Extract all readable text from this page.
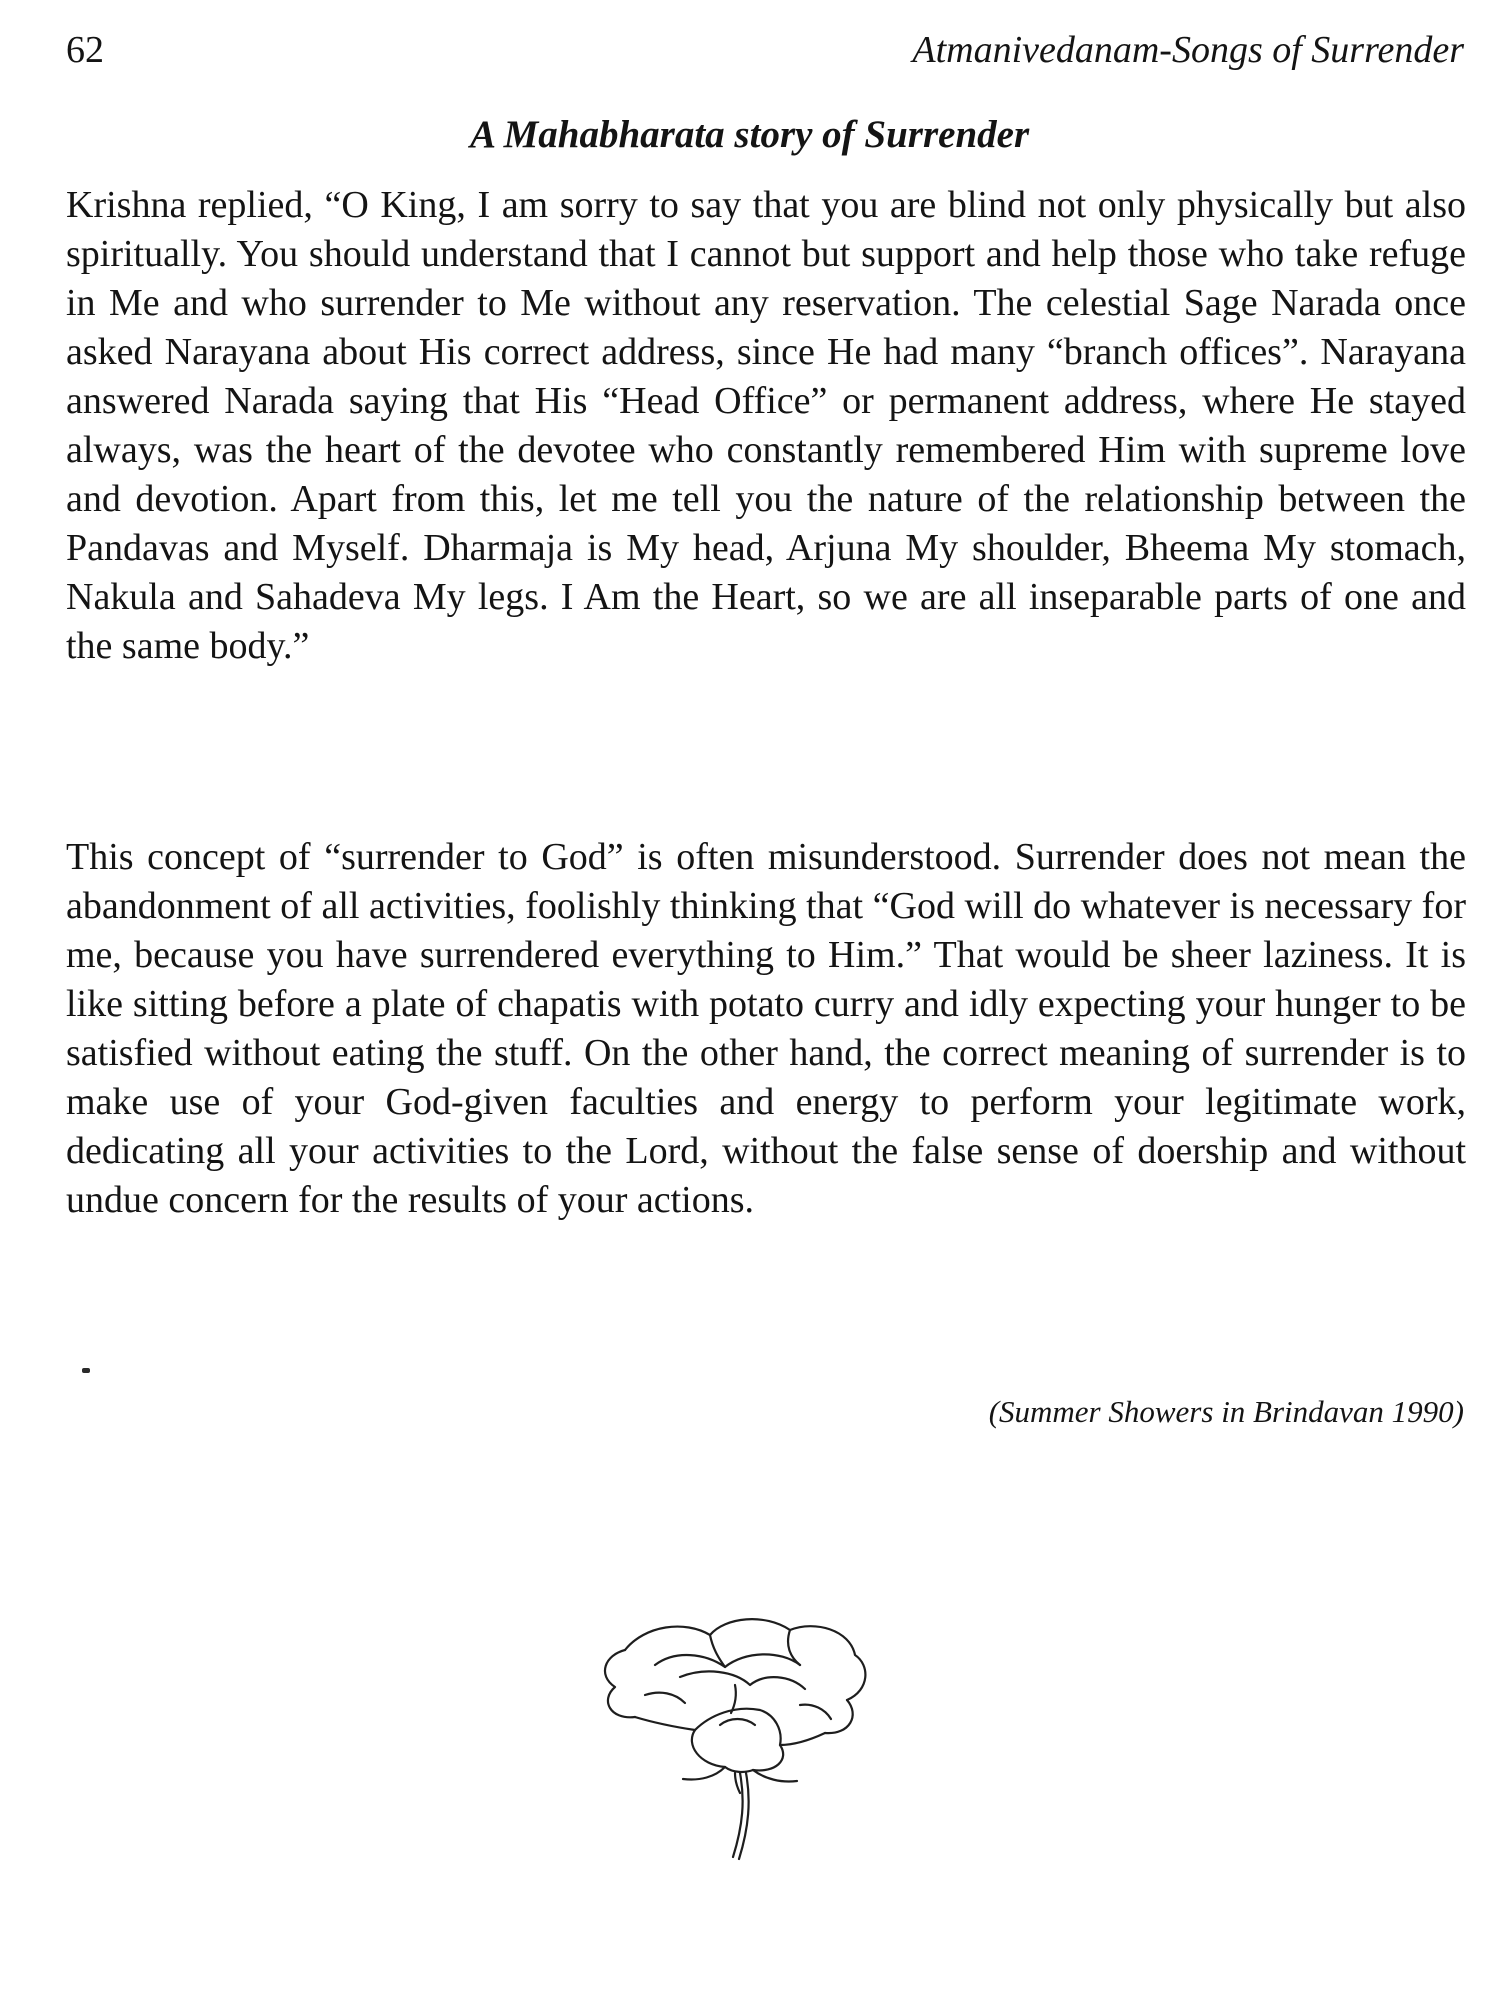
62	Atmanivedanam-Songs of Surrender
A Mahabharata story of Surrender

Krishna replied, “O King, I am sorry to say that you are blind not only physically but also spiritually. You should understand that I cannot but support and help those who take refuge in Me and who surrender to Me without any reservation. The celestial Sage Narada once asked Narayana about His correct address, since He had many “branch offices”. Narayana answered Narada saying that His “Head Office” or permanent address, where He stayed always, was the heart of the devotee who constantly remembered Him with supreme love and devotion. Apart from this, let me tell you the nature of the relationship between the Pandavas and Myself. Dharmaja is My head, Arjuna My shoulder, Bheema My stomach, Nakula and Sahadeva My legs. I Am the Heart, so we are all inseparable parts of one and the same body.”

This concept of “surrender to God” is often misunderstood. Surrender does not mean the abandonment of all activities, foolishly thinking that “God will do whatever is necessary for me, because you have surrendered everything to Him.” That would be sheer laziness. It is like sitting before a plate of chapatis with potato curry and idly expecting your hunger to be satisfied without eating the stuff. On the other hand, the correct meaning of surrender is to make use of your God-given faculties and energy to perform your legitimate work, dedicating all your activities to the Lord, without the false sense of doership and without undue concern for the results of your actions.

(Summer Showers in Brindavan 1990)
